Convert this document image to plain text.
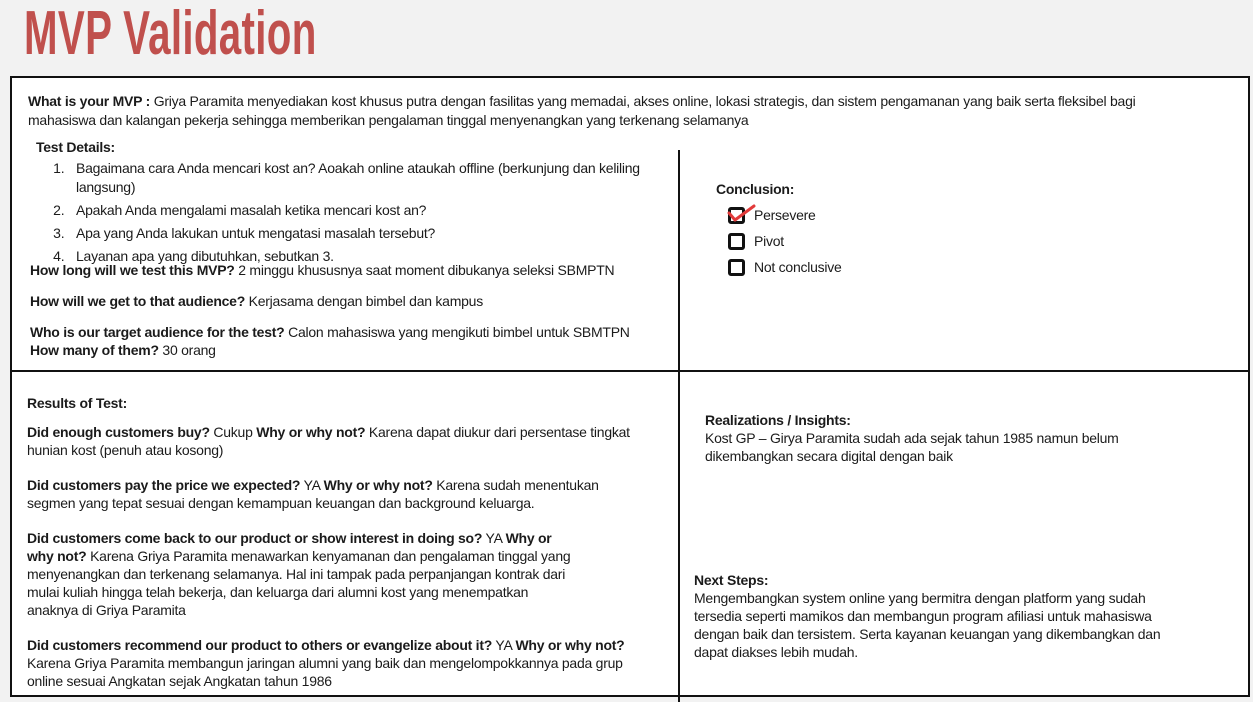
MVP Validation

What is your MVP : Griya Paramita menyediakan kost khusus putra dengan fasilitas yang memadai, akses online, lokasi strategis, dan sistem pengamanan yang baik serta fleksibel bagi mahasiswa dan kalangan pekerja sehingga memberikan pengalaman tinggal menyenangkan yang terkenang selamanya

Test Details:

1. Bagaimana cara Anda mencari kost an? Aoakah online ataukah offline (berkunjung dan keliling langsung)
2. Apakah Anda mengalami masalah ketika mencari kost an?
3. Apa yang Anda lakukan untuk mengatasi masalah tersebut?
4. Layanan apa yang dibutuhkan, sebutkan 3.

How long will we test this MVP? 2 minggu khususnya saat moment dibukanya seleksi SBMPTN

How will we get to that audience? Kerjasama dengan bimbel dan kampus

Who is our target audience for the test? Calon mahasiswa yang mengikuti bimbel untuk SBMTPN

How many of them? 30 orang

Conclusion:

Persevere
Pivot
Not conclusive

Results of Test:

Did enough customers buy? Cukup Why or why not? Karena dapat diukur dari persentase tingkat hunian kost (penuh atau kosong)

Did customers pay the price we expected? YA Why or why not? Karena sudah menentukan segmen yang tepat sesuai dengan kemampuan keuangan dan background keluarga.

Did customers come back to our product or show interest in doing so? YA Why or why not? Karena Griya Paramita menawarkan kenyamanan dan pengalaman tinggal yang menyenangkan dan terkenang selamanya. Hal ini tampak pada perpanjangan kontrak dari mulai kuliah hingga telah bekerja, dan keluarga dari alumni kost yang menempatkan anaknya di Griya Paramita

Did customers recommend our product to others or evangelize about it? YA Why or why not? Karena Griya Paramita membangun jaringan alumni yang baik dan mengelompokkannya pada grup online sesuai Angkatan sejak Angkatan tahun 1986

Realizations / Insights:

Kost GP – Girya Paramita sudah ada sejak tahun 1985 namun belum dikembangkan secara digital dengan baik

Next Steps:

Mengembangkan system online yang bermitra dengan platform yang sudah tersedia seperti mamikos dan membangun program afiliasi untuk mahasiswa dengan baik dan tersistem. Serta kayanan keuangan yang dikembangkan dan dapat diakses lebih mudah.
